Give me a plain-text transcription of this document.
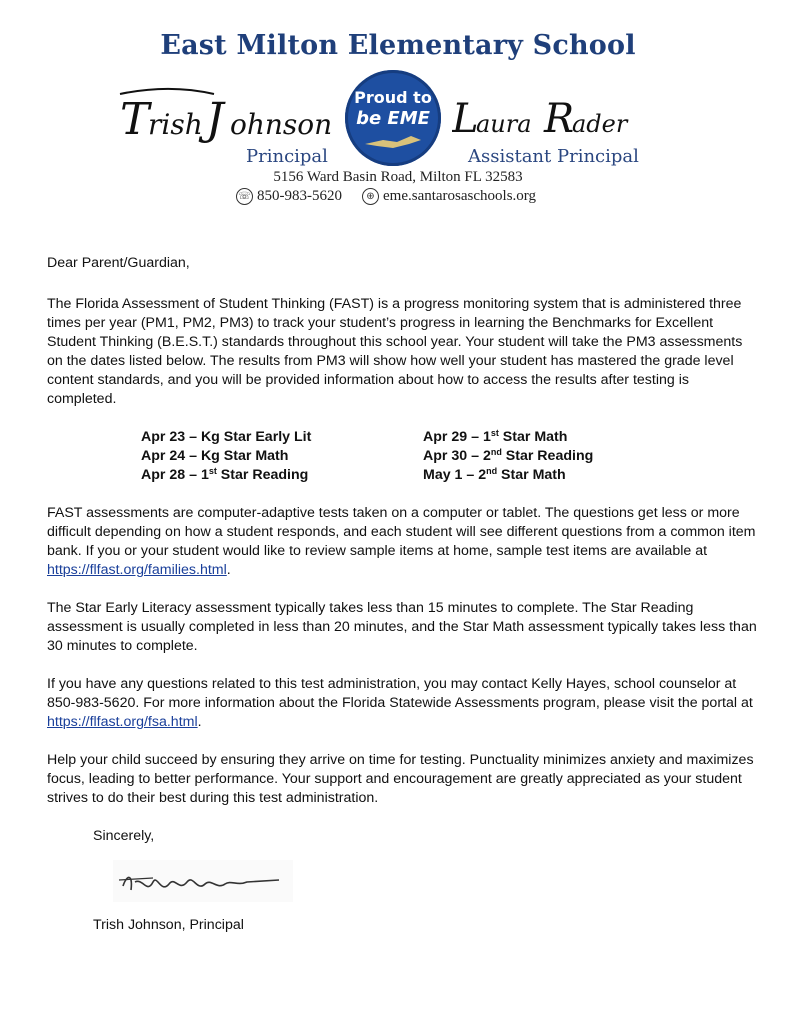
East Milton Elementary School
T
rish J ohnson
Principal
Proud to
be EME L
aura R
ader
Assistant Principal
5156 Ward Basin Road, Milton FL 32583
☏ 850-983-5620	⊕ eme.santarosaschools.org

Dear Parent/Guardian,

The Florida Assessment of Student Thinking (FAST) is a progress monitoring system that is administered three times per year (PM1, PM2, PM3) to track your student’s progress in learning the Benchmarks for Excellent Student Thinking (B.E.S.T.) standards throughout this school year. Your student will take the PM3 assessments on the dates listed below. The results from PM3 will show how well your student has mastered the grade level content standards, and you will be provided information about how to access the results after testing is completed.

Apr 23 – Kg Star Early Lit	Apr 29 – 1st Star Math
Apr 24 – Kg Star Math	Apr 30 – 2nd Star Reading
Apr 28 – 1st Star Reading	May 1 – 2nd Star Math

FAST assessments are computer-adaptive tests taken on a computer or tablet. The questions get less or more difficult depending on how a student responds, and each student will see different questions from a common item bank. If you or your student would like to review sample items at home, sample test items are available at https://flfast.org/families.html.

The Star Early Literacy assessment typically takes less than 15 minutes to complete. The Star Reading assessment is usually completed in less than 20 minutes, and the Star Math assessment typically takes less than 30 minutes to complete.

If you have any questions related to this test administration, you may contact Kelly Hayes, school counselor at 850-983-5620. For more information about the Florida Statewide Assessments program, please visit the portal at https://flfast.org/fsa.html.

Help your child succeed by ensuring they arrive on time for testing. Punctuality minimizes anxiety and maximizes focus, leading to better performance. Your support and encouragement are greatly appreciated as your student strives to do their best during this test administration.

Sincerely,
Trish Johnson, Principal
